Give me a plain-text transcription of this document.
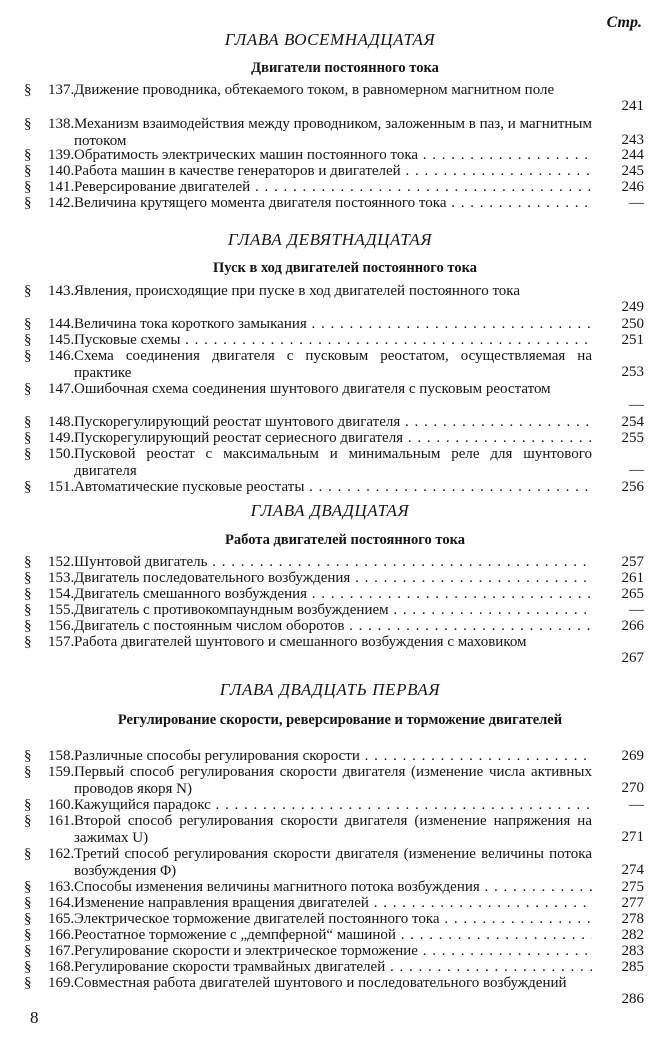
Стр.
ГЛАВА ВОСЕМНАДЦАТАЯ
Двигатели постоянного тока
§	137. Движение проводника, обтекаемого током, в равномерном магнитном поле
241
§	138. Механизм взаимодействия между проводником, заложенным в паз, и магнитным потоком	243
§	139. Обратимость электрических машин постоянного тока . . .	244
§	140. Работа машин в качестве генераторов и двигателей . . .	245
§	141. Реверсирование двигателей . . .	246
§	142. Величина крутящего момента двигателя постоянного тока . . .	—
ГЛАВА ДЕВЯТНАДЦАТАЯ
Пуск в ход двигателей постоянного тока
§	143. Явления, происходящие при пуске в ход двигателей постоянного тока
249
§	144. Величина тока короткого замыкания . . .	250
§	145. Пусковые схемы . . .	251
§	146. Схема соединения двигателя с пусковым реостатом, осуществляемая на практике	253
§	147. Ошибочная схема соединения шунтового двигателя с пусковым реостатом
—
§	148. Пускорегулирующий реостат шунтового двигателя . . .	254
§	149. Пускорегулирующий реостат сериесного двигателя . . .	255
§	150. Пусковой реостат с максимальным и минимальным реле для шунтового двигателя	—
§	151. Автоматические пусковые реостаты . . .	256
ГЛАВА ДВАДЦАТАЯ
Работа двигателей постоянного тока
§	152. Шунтовой двигатель . . .	257
§	153. Двигатель последовательного возбуждения . . .	261
§	154. Двигатель смешанного возбуждения . . .	265
§	155. Двигатель с противокомпаундным возбуждением . . .	—
§	156. Двигатель с постоянным числом оборотов . . .	266
§	157. Работа двигателей шунтового и смешанного возбуждения с маховиком
267
ГЛАВА ДВАДЦАТЬ ПЕРВАЯ
Регулирование скорости, реверсирование и торможение двигателей
§	158. Различные способы регулирования скорости . . .	269
§	159. Первый способ регулирования скорости двигателя (изменение числа активных проводов якоря N)	270
§	160. Кажущийся парадокс . . .	—
§	161. Второй способ регулирования скорости двигателя (изменение напряжения на зажимах U)	271
§	162. Третий способ регулирования скорости двигателя (изменение величины потока возбуждения Φ)	274
§	163. Способы изменения величины магнитного потока возбуждения . . .	275
§	164. Изменение направления вращения двигателей . . .	277
§	165. Электрическое торможение двигателей постоянного тока . . .	278
§	166. Реостатное торможение с „демпферной“ машиной . . .	282
§	167. Регулирование скорости и электрическое торможение . . .	283
§	168. Регулирование скорости трамвайных двигателей . . .	285
§	169. Совместная работа двигателей шунтового и последовательного возбуждений
286
8
